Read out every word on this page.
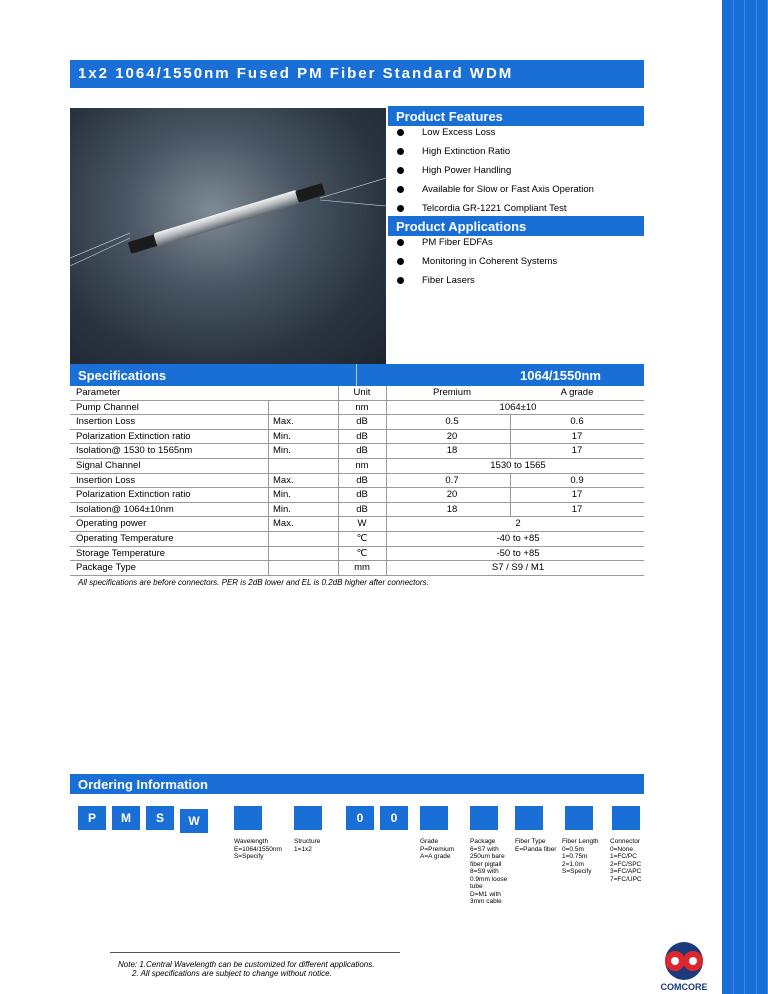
1x2 1064/1550nm Fused PM Fiber Standard WDM
Product Features
Low Excess Loss
High Extinction Ratio
High Power Handling
Available for Slow or Fast Axis Operation
Telcordia GR-1221 Compliant Test
Product Applications
PM Fiber EDFAs
Monitoring in Coherent Systems
Fiber Lasers
Specifications	1064/1550nm
Parameter	Unit	Premium	A grade
Pump Channel	nm	1064±10
Insertion Loss	Max.	dB	0.5	0.6
Polarization Extinction ratio	Min.	dB	20	17
Isolation@ 1530 to 1565nm	Min.	dB	18	17
Signal Channel	nm	1530 to 1565
Insertion Loss	Max.	dB	0.7	0.9
Polarization Extinction ratio	Min.	dB	20	17
Isolation@ 1064±10nm	Min.	dB	18	17
Operating power	Max.	W	2
Operating Temperature	℃	-40 to +85
Storage Temperature	℃	-50 to +85
Package Type	mm	S7 / S9 / M1
All specifications are before connectors. PER is 2dB lower and EL is 0.2dB higher after connectors.
Ordering Information
P	M	S	W	0	0
Wavelength
E=1064/1550nm
S=Specify
Structure
1=1x2
Grade
P=Premium
A=A grade
Package
6=S7 with
250um bare
fiber pigtail
8=S9 with
0.9mm loose
tube
D=M1 with
3mm cable
Fiber Type
E=Panda fiber
Fiber Length
0=0.5m
1=0.75m
2=1.0m
S=Specify
Connector
0=None
1=FC/PC
2=FC/SPC
3=FC/APC
7=FC/UPC
Note: 1.Central Wavelength can be customized for different applications.
2. All specifications are subject to change without notice.
COMCORE
